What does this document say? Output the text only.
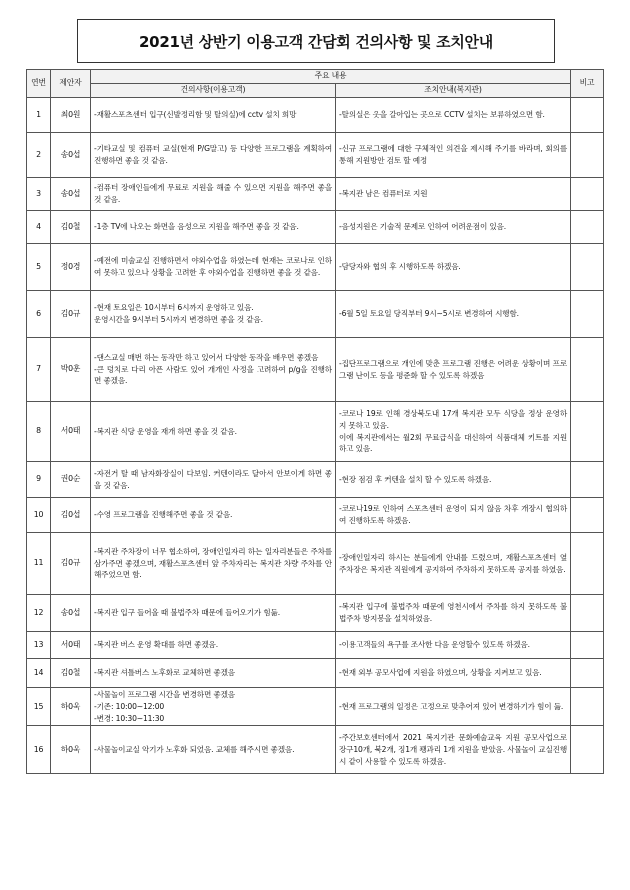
2021년 상반기 이용고객 간담회 건의사항 및 조치안내
연번	제안자	주요 내용		비고
		건의사항(이용고객)	조치안내(복지관)	
1	최0원	-재활스포츠센터 입구(신발정리함 및 탈의실)에 cctv 설치 희망	-탈의실은 옷을 갈아입는 곳으로 CCTV 설치는 보류하였으면 함.	

2	송0섭	-기타교실 및 컴퓨터 교실(현재 P/G말고) 등 다양한 프로그램을 계획하여 진행하면 좋을 것 같음.	-신규 프로그램에 대한 구체적인 의견을 제시해 주기를 바라며, 회의를 통해 지원방안 검토 할 예정	

3	송0섭	-컴퓨터 장애인들에게 무료로 지원을 해줄 수 있으면 지원을 해주면 좋을 것 같음.	-복지관 남은 컴퓨터로 지원	

4	김0철	-1층 TV에 나오는 화면을 음성으로 지원을 해주면 좋을 것 같음.	-음성지원은 기술적 문제로 인하여 어려운점이 있음.	

5	정0경	-예전에 미술교실 진행하면서 야외수업을 하였는데 현재는 코로나로 인하여 못하고 있으나 상황을 고려한 후 야외수업을 진행하면 좋을 것 같음.	-담당자와 협의 후 시행하도록 하겠음.	

6	김0규	-현재 토요일은 10시부터 6시까지 운영하고 있음.
운영시간을 9시부터 5시까지 변경하면 좋을 것 같음.	-6월 5일 토요일 당직부터 9시~5시로 변경하여 시행함.	

7	박0훈	-댄스교실 매번 하는 동작만 하고 있어서 다양한 동작을 배우면 좋겠음
-큰 덩치로 다리 아픈 사람도 있어 개개인 사정을 고려하여 p/g을 진행하면 좋겠음.	-집단프로그램으로 개인에 맞춘 프로그램 진행은 어려운 상황이며 프로그램 난이도 등을 평준화 할 수 있도록 하겠음	

8	서0태	-복지관 식당 운영을 재개 하면 좋을 것 같음.	-코로나 19로 인해 경상북도내 17개 복지관 모두 식당을 정상 운영하지 못하고 있음.
이에 복지관에서는 월2회 무료급식을 대신하여 식품대체 키트를 지원하고 있음.	

9	권0순	-자전거 탈 때 남자화장실이 다보임. 커텐이라도 달아서 안보이게 하면 좋을 것 같음.	-현장 점검 후 커텐을 설치 할 수 있도록 하겠음.	

10	김0섭	-수영 프로그램을 진행해주면 좋을 것 같음.	-코로나19로 인하여 스포츠센터 운영이 되지 않음 차후 개장시 협의하여 진행하도록 하겠음.	

11	김0규	-복지관 주차장이 너무 협소하여, 장애인일자리 하는 일자리분들은 주차를 삼가주면 좋겠으며, 재활스포츠센터 앞 주차자리는 복지관 차량 주차를 안해주었으면 함.	-장애인일자리 하시는 분들에게 안내를 드렸으며, 재활스포츠센터 옆 주차장은 복지관 직원에게 공지하여 주차하지 못하도록 공지를 하였음.	

12	송0섭	-복지관 입구 들어올 때 불법주차 때문에 들어오기가 힘듦.	-복지관 입구에 불법주차 때문에 영천시에서 주차를 하지 못하도록 불법주차 방지봉을 설치하였음.	

13	서0태	-복지관 버스 운영 확대를 하면 좋겠음.	-이용고객들의 욕구를 조사한 다음 운영할수 있도록 하겠음.	

14	김0철	-복지관 셔틀버스 노후화로 교체하면 좋겠음	-현재 외부 공모사업에 지원을 하였으며, 상황을 지켜보고 있음.	

15	하0욱	-사물놀이 프로그램 시간을 변경하면 좋겠음
-기존: 10:00~12:00
-변경: 10:30~11:30	-현재 프로그램의 일정은 고정으로 맞추어져 있어 변경하기가 힘이 듦.	

16	하0욱	-사물놀이교실 악기가 노후화 되었음. 교체를 해주시면 좋겠음.	-주간보호센터에서 2021 복지기관 문화예술교육 지원 공모사업으로 장구10개, 북2개, 징1개 꽹과리 1개 지원을 받았음. 사물놀이 교실진행시 같이 사용할 수 있도록 하겠음.	
